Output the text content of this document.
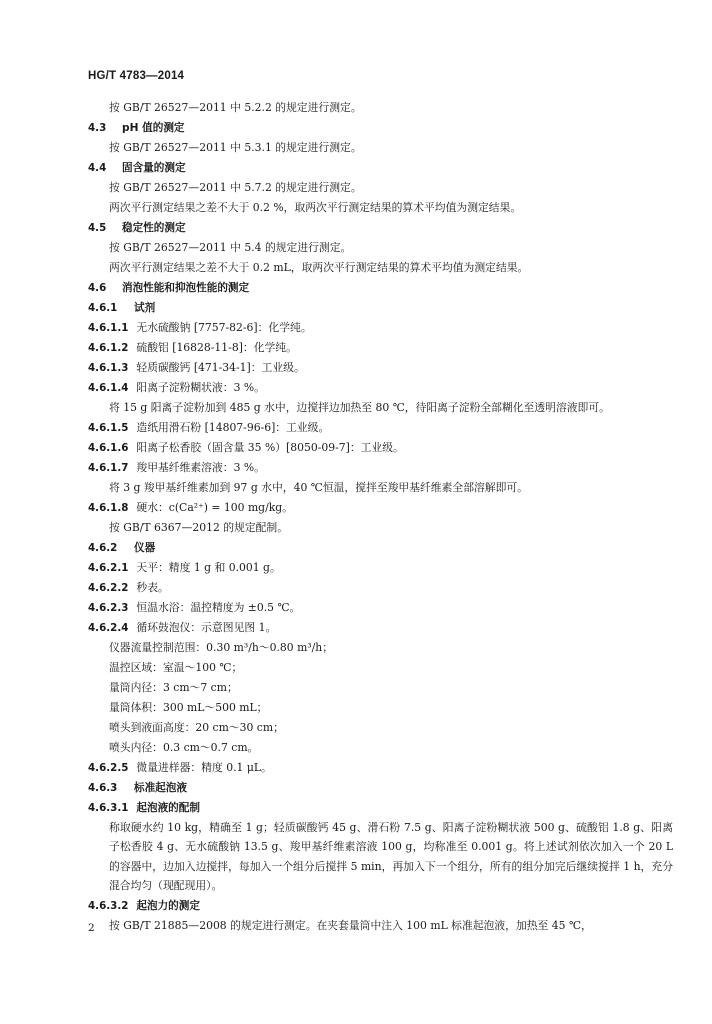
HG/T 4783—2014
按 GB/T 26527—2011 中 5.2.2 的规定进行测定。
4.3 pH 值的测定
按 GB/T 26527—2011 中 5.3.1 的规定进行测定。
4.4 固含量的测定
按 GB/T 26527—2011 中 5.7.2 的规定进行测定。
两次平行测定结果之差不大于 0.2 %，取两次平行测定结果的算术平均值为测定结果。
4.5 稳定性的测定
按 GB/T 26527—2011 中 5.4 的规定进行测定。
两次平行测定结果之差不大于 0.2 mL，取两次平行测定结果的算术平均值为测定结果。
4.6 消泡性能和抑泡性能的测定
4.6.1 试剂
4.6.1.1 无水硫酸钠 [7757-82-6]：化学纯。
4.6.1.2 硫酸铝 [16828-11-8]：化学纯。
4.6.1.3 轻质碳酸钙 [471-34-1]：工业级。
4.6.1.4 阳离子淀粉糊状液：3 %。
将 15 g 阳离子淀粉加到 485 g 水中，边搅拌边加热至 80 ℃，待阳离子淀粉全部糊化至透明溶液即可。
4.6.1.5 造纸用滑石粉 [14807-96-6]：工业级。
4.6.1.6 阳离子松香胶（固含量 35 %）[8050-09-7]：工业级。
4.6.1.7 羧甲基纤维素溶液：3 %。
将 3 g 羧甲基纤维素加到 97 g 水中，40 ℃恒温，搅拌至羧甲基纤维素全部溶解即可。
4.6.1.8 硬水：c(Ca²⁺) = 100 mg/kg。
按 GB/T 6367—2012 的规定配制。
4.6.2 仪器
4.6.2.1 天平：精度 1 g 和 0.001 g。
4.6.2.2 秒表。
4.6.2.3 恒温水浴：温控精度为 ±0.5 ℃。
4.6.2.4 循环鼓泡仪：示意图见图 1。
仪器流量控制范围：0.30 m³/h～0.80 m³/h；
温控区域：室温～100 ℃；
量筒内径：3 cm～7 cm；
量筒体积：300 mL～500 mL；
喷头到液面高度：20 cm～30 cm；
喷头内径：0.3 cm～0.7 cm。
4.6.2.5 微量进样器：精度 0.1 μL。
4.6.3 标准起泡液
4.6.3.1 起泡液的配制
称取硬水约 10 kg，精确至 1 g；轻质碳酸钙 45 g、滑石粉 7.5 g、阳离子淀粉糊状液 500 g、硫酸铝 1.8 g、阳离子松香胶 4 g、无水硫酸钠 13.5 g、羧甲基纤维素溶液 100 g，均称准至 0.001 g。将上述试剂依次加入一个 20 L 的容器中，边加入边搅拌，每加入一个组分后搅拌 5 min，再加入下一个组分，所有的组分加完后继续搅拌 1 h，充分混合均匀（现配现用）。
4.6.3.2 起泡力的测定
按 GB/T 21885—2008 的规定进行测定。在夹套量筒中注入 100 mL 标准起泡液，加热至 45 ℃，
2
